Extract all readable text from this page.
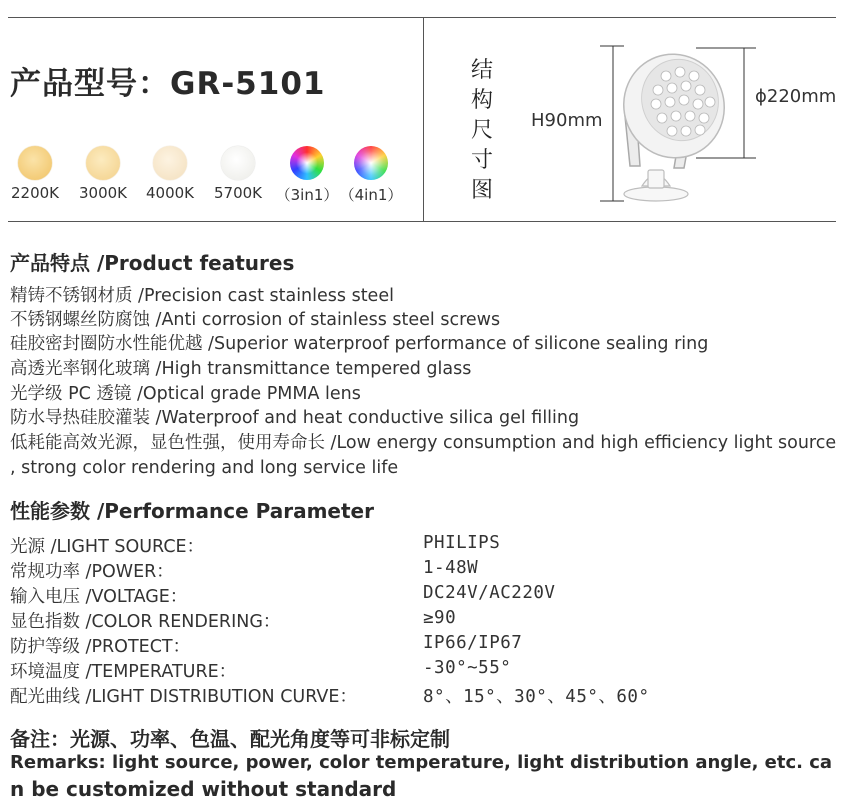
产品型号：GR-5101
2200K	3000K	4000K	5700K （3in1） （4in1）
结
构
尺
寸
图
H90mm
ϕ220mm
产品特点 /Product features
精铸不锈钢材质 /Precision cast stainless steel
不锈钢螺丝防腐蚀 /Anti corrosion of stainless steel screws
硅胶密封圈防水性能优越 /Superior waterproof performance of silicone sealing ring
高透光率钢化玻璃 /High transmittance tempered glass
光学级 PC 透镜 /Optical grade PMMA lens
防水导热硅胶灌装 /Waterproof and heat conductive silica gel filling
低耗能高效光源，显色性强，使用寿命长 /Low energy consumption and high efficiency light source
, strong color rendering and long service life
性能参数 /Performance Parameter
光源 /LIGHT SOURCE：	PHILIPS
常规功率 /POWER：	1-48W
输入电压 /VOLTAGE：	DC24V/AC220V
显色指数 /COLOR RENDERING：	≥90
防护等级 /PROTECT：	IP66/IP67
环境温度 /TEMPERATURE：	-30°~55°
配光曲线 /LIGHT DISTRIBUTION CURVE：	8°、15°、30°、45°、60°
备注：光源、功率、色温、配光角度等可非标定制
Remarks: light source, power, color temperature, light distribution angle, etc. ca
n be customized without standard
